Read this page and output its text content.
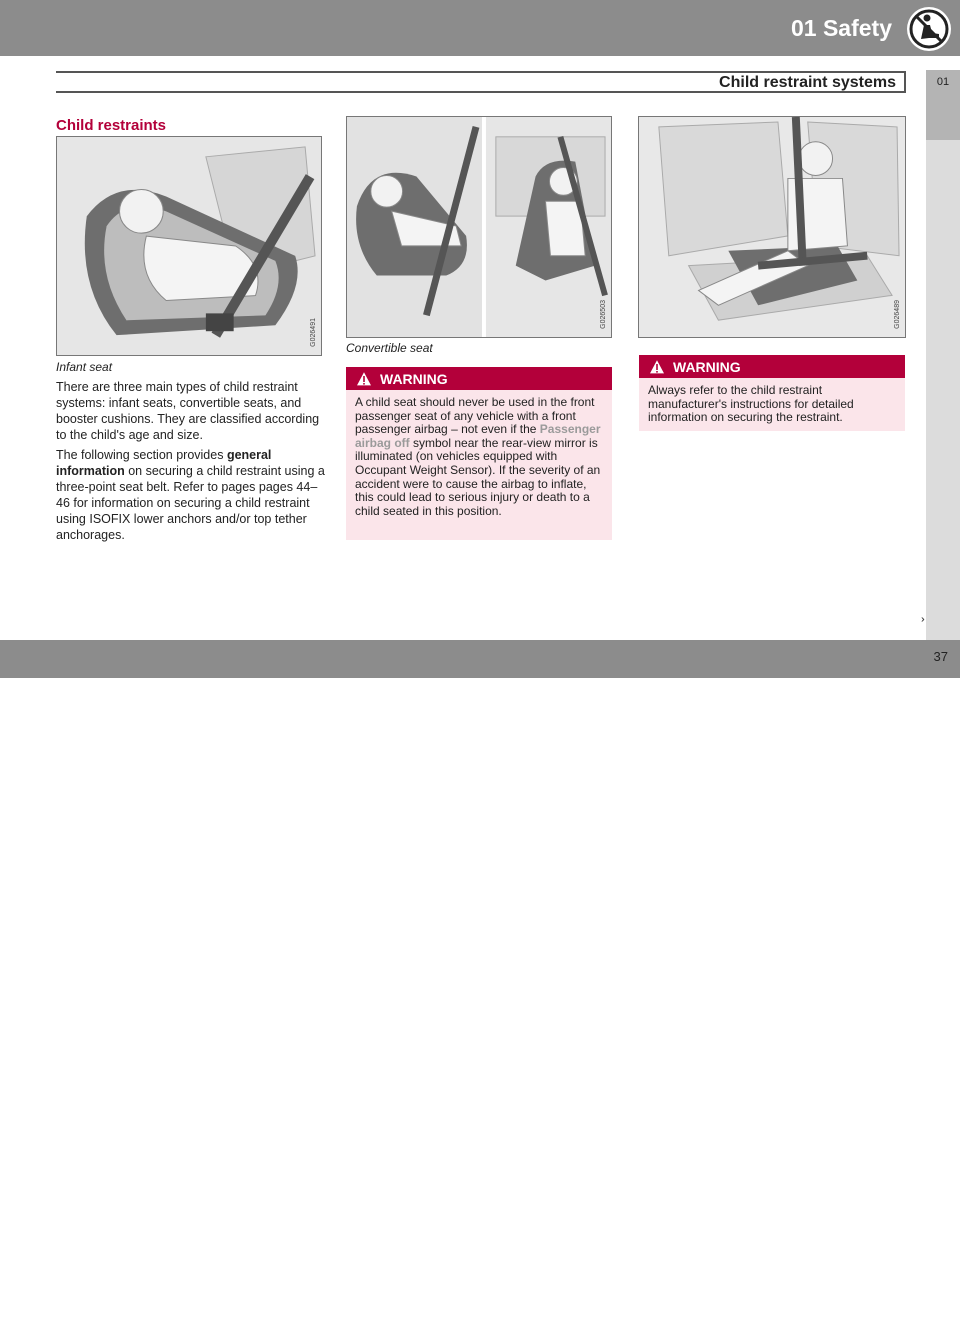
01 Safety
Child restraint systems	01
Child restraints
G026491
Infant seat
There are three main types of child restraint systems: infant seats, convertible seats, and booster cushions. They are classified according to the child's age and size.
The following section provides general information on securing a child restraint using a three-point seat belt. Refer to pages pages 44–46 for information on securing a child restraint using ISOFIX lower anchors and/or top tether anchorages.
G026503
Convertible seat
WARNING
A child seat should never be used in the front passenger seat of any vehicle with a front passenger airbag – not even if the Passenger airbag off symbol near the rear-view mirror is illuminated (on vehicles equipped with Occupant Weight Sensor). If the severity of an accident were to cause the airbag to inflate, this could lead to serious injury or death to a child seated in this position.
G026489
WARNING
Always refer to the child restraint manufacturer's instructions for detailed information on securing the restraint.
››
carmanualsonline.info
37
